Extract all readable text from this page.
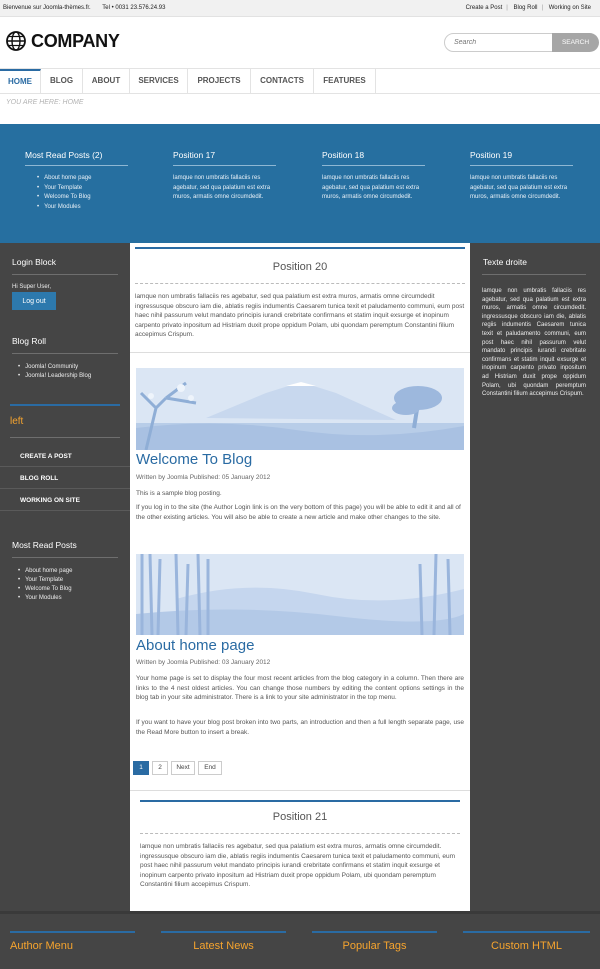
Bienvenue sur Joomla-thèmes.fr. Tel • 0031 23.576.24.93	Create a Post | Blog Roll | Working on Site
COMPANY
Search	SEARCH
HOME	BLOG	ABOUT	SERVICES	PROJECTS	CONTACTS	FEATURES
YOU ARE HERE: HOME
Most Read Posts (2)
• About home page
• Your Template
• Welcome To Blog
• Your Modules
Position 17
lamque non umbratis fallaciis res agebatur, sed qua palatium est extra muros, armatis omne circumdedit.
Position 18
lamque non umbratis fallaciis res agebatur, sed qua palatium est extra muros, armatis omne circumdedit.
Position 19
lamque non umbratis fallaciis res agebatur, sed qua palatium est extra muros, armatis omne circumdedit.
Login Block
Hi Super User,
Log out
Blog Roll
• Joomla! Community
• Joomla! Leadership Blog
left
CREATE A POST
BLOG ROLL
WORKING ON SITE
Most Read Posts
• About home page
• Your Template
• Welcome To Blog
• Your Modules
Texte droite
lamque non umbratis fallaciis res agebatur, sed qua palatium est extra muros, armatis omne circumdedit. ingressusque obscuro iam die, ablatis regiis indumentis Caesarem tunica texit et paludamento communi, eum post haec nihil passurum velut mandato principis iurandi crebritate confirmans et statim inquit exsurge et inopinum carpento privato inpositum ad Histriam duxit prope oppidum Polam, ubi quondam peremptum Constantini filium accepimus Crispum.
Position 20
lamque non umbratis fallaciis res agebatur, sed qua palatium est extra muros, armatis omne circumdedit ingressusque obscuro iam die, ablatis regiis indumentis Caesarem tunica texit et paludamento communi, eum post haec nihil passurum velut mandato principis iurandi crebritate confirmans et statim inquit exsurge et inopinum carpento privato inpositum ad Histriam duxit prope oppidum Polam, ubi quondam peremptum Constantini filium accepimus Crispum.
Welcome To Blog
Written by Joomla Published: 05 January 2012
This is a sample blog posting.
If you log in to the site (the Author Login link is on the very bottom of this page) you will be able to edit it and all of the other existing articles. You will also be able to create a new article and make other changes to the site.
About home page
Written by Joomla Published: 03 January 2012
Your home page is set to display the four most recent articles from the blog category in a column. Then there are links to the 4 nest oldest articles. You can change those numbers by editing the content options settings in the blog tab in your site administrator. There is a link to your site administrator in the top menu.
If you want to have your blog post broken into two parts, an introduction and then a full length separate page, use the Read More button to insert a break.
Position 21
lamque non umbratis fallaciis res agebatur, sed qua palatium est extra muros, armatis omne circumdedit. ingressusque obscuro iam die, ablatis regiis indumentis Caesarem tunica texit et paludamento communi, eum post haec nihil passurum velut mandato principis iurandi crebritate confirmans et statim inquit exsurge et inopinum carpento privato inpositum ad Histriam duxit prope oppidum Polam, ubi quondam peremptum Constantini filium accepimus Crispum.
1	2	Next	End
Author Menu	Latest News	Popular Tags	Custom HTML
